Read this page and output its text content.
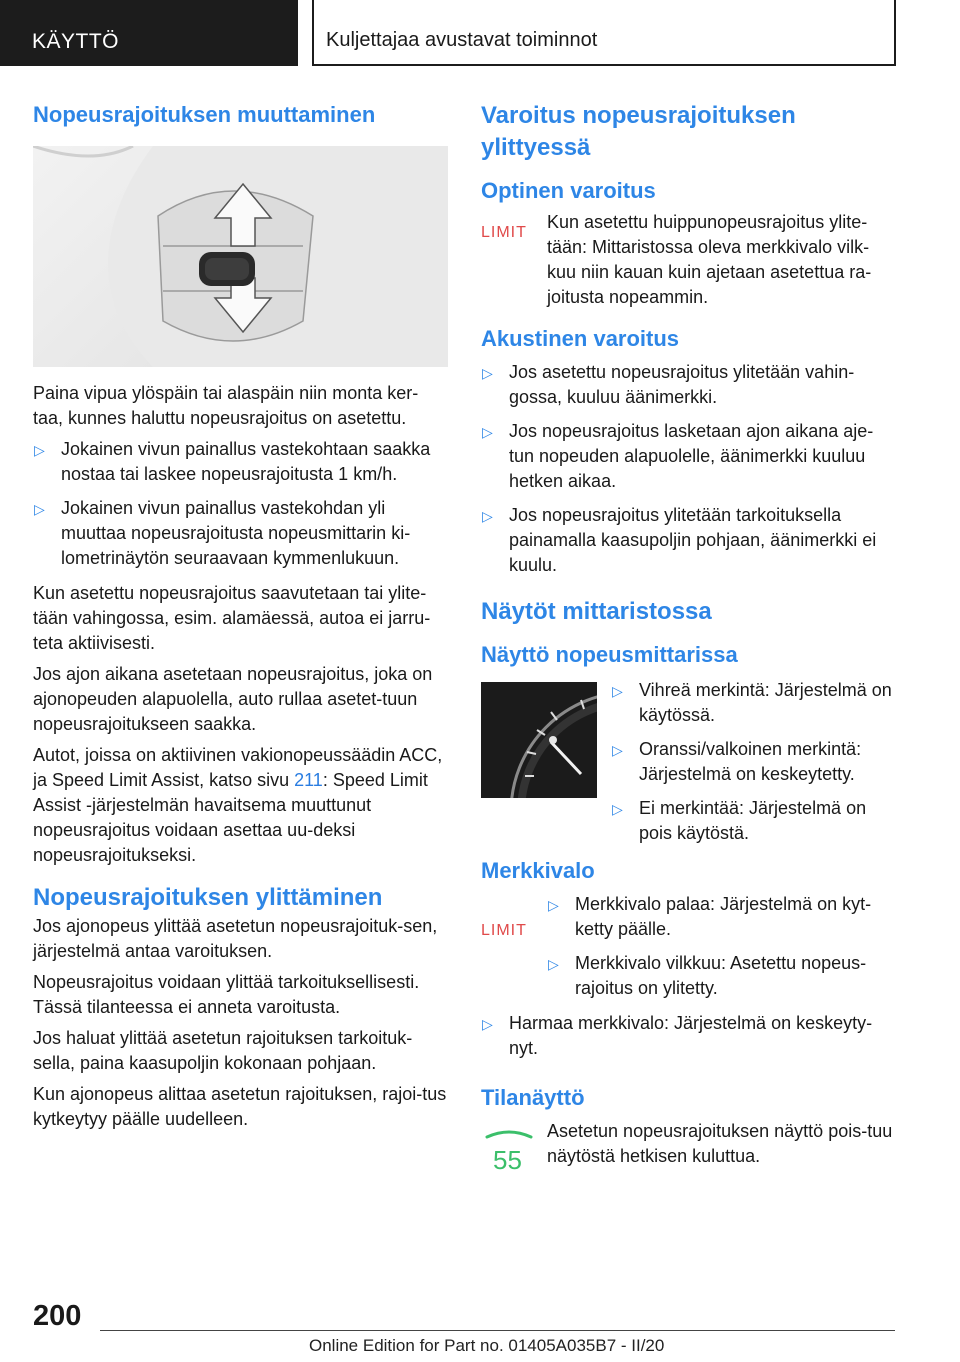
KÄYTTÖ	Kuljettajaa avustavat toiminnot
Nopeusrajoituksen muuttaminen

Paina vipua ylöspäin tai alaspäin niin monta ker-taa, kunnes haluttu nopeusrajoitus on asetettu.

▷ Jokainen vivun painallus vastekohtaan saakka nostaa tai laskee nopeusrajoitusta 1 km/h.
▷ Jokainen vivun painallus vastekohdan yli muuttaa nopeusrajoitusta nopeusmittarin ki-lometrinäytön seuraavaan kymmenlukuun.

Kun asetettu nopeusrajoitus saavutetaan tai ylite-tään vahingossa, esim. alamäessä, autoa ei jarru-teta aktiivisesti.

Jos ajon aikana asetetaan nopeusrajoitus, joka on ajonopeuden alapuolella, auto rullaa asetet-tuun nopeusrajoitukseen saakka.

Autot, joissa on aktiivinen vakionopeussäädin ACC, ja Speed Limit Assist, katso sivu 211: Speed Limit Assist -järjestelmän havaitsema muuttunut nopeusrajoitus voidaan asettaa uu-deksi nopeusrajoitukseksi.

Nopeusrajoituksen ylittäminen

Jos ajonopeus ylittää asetetun nopeusrajoituk-sen, järjestelmä antaa varoituksen.

Nopeusrajoitus voidaan ylittää tarkoituksellisesti. Tässä tilanteessa ei anneta varoitusta.

Jos haluat ylittää asetetun rajoituksen tarkoituk-sella, paina kaasupoljin kokonaan pohjaan.

Kun ajonopeus alittaa asetetun rajoituksen, rajoi-tus kytkeytyy päälle uudelleen.

Varoitus nopeusrajoituksen ylittyessä
Optinen varoitus
LIMIT

Kun asetettu huippunopeusrajoitus ylite-tään: Mittaristossa oleva merkkivalo vilk-kuu niin kauan kuin ajetaan asetettua ra-joitusta nopeammin.

Akustinen varoitus
▷ Jos asetettu nopeusrajoitus ylitetään vahin-gossa, kuuluu äänimerkki.
▷ Jos nopeusrajoitus lasketaan ajon aikana aje-tun nopeuden alapuolelle, äänimerkki kuuluu hetken aikaa.
▷ Jos nopeusrajoitus ylitetään tarkoituksella painamalla kaasupoljin pohjaan, äänimerkki ei kuulu.
Näytöt mittaristossa
Näyttö nopeusmittarissa
▷ Vihreä merkintä: Järjestelmä on käytössä.
▷ Oranssi/valkoinen merkintä: Järjestelmä on keskeytetty.
▷ Ei merkintää: Järjestelmä on pois käytöstä.
Merkkivalo
LIMIT
▷ Merkkivalo palaa: Järjestelmä on kyt-ketty päälle.
▷ Merkkivalo vilkkuu: Asetettu nopeus-rajoitus on ylitetty.
▷ Harmaa merkkivalo: Järjestelmä on keskeyty-nyt.
Tilanäyttö
55

Asetetun nopeusrajoituksen näyttö pois-tuu näytöstä hetkisen kuluttua.

200
Online Edition for Part no. 01405A035B7 - II/20
